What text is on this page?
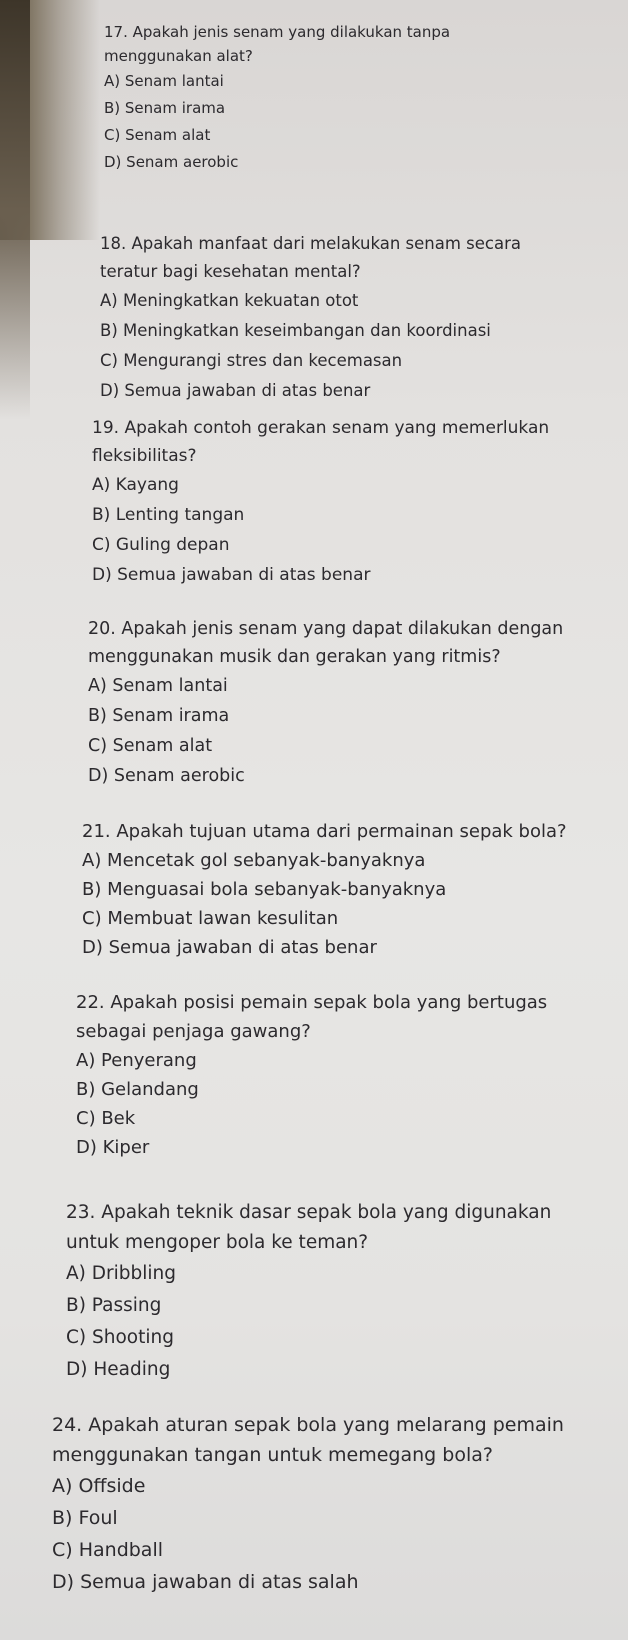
17. Apakah jenis senam yang dilakukan tanpa

menggunakan alat?

A) Senam lantai

B) Senam irama

C) Senam alat

D) Senam aerobic

18. Apakah manfaat dari melakukan senam secara

teratur bagi kesehatan mental?

A) Meningkatkan kekuatan otot

B) Meningkatkan keseimbangan dan koordinasi

C) Mengurangi stres dan kecemasan

D) Semua jawaban di atas benar

19. Apakah contoh gerakan senam yang memerlukan

fleksibilitas?

A) Kayang

B) Lenting tangan

C) Guling depan

D) Semua jawaban di atas benar

20. Apakah jenis senam yang dapat dilakukan dengan

menggunakan musik dan gerakan yang ritmis?

A) Senam lantai

B) Senam irama

C) Senam alat

D) Senam aerobic

21. Apakah tujuan utama dari permainan sepak bola?

A) Mencetak gol sebanyak-banyaknya

B) Menguasai bola sebanyak-banyaknya

C) Membuat lawan kesulitan

D) Semua jawaban di atas benar

22. Apakah posisi pemain sepak bola yang bertugas

sebagai penjaga gawang?

A) Penyerang

B) Gelandang

C) Bek

D) Kiper

23. Apakah teknik dasar sepak bola yang digunakan

untuk mengoper bola ke teman?

A) Dribbling

B) Passing

C) Shooting

D) Heading

24. Apakah aturan sepak bola yang melarang pemain

menggunakan tangan untuk memegang bola?

A) Offside

B) Foul

C) Handball

D) Semua jawaban di atas salah
